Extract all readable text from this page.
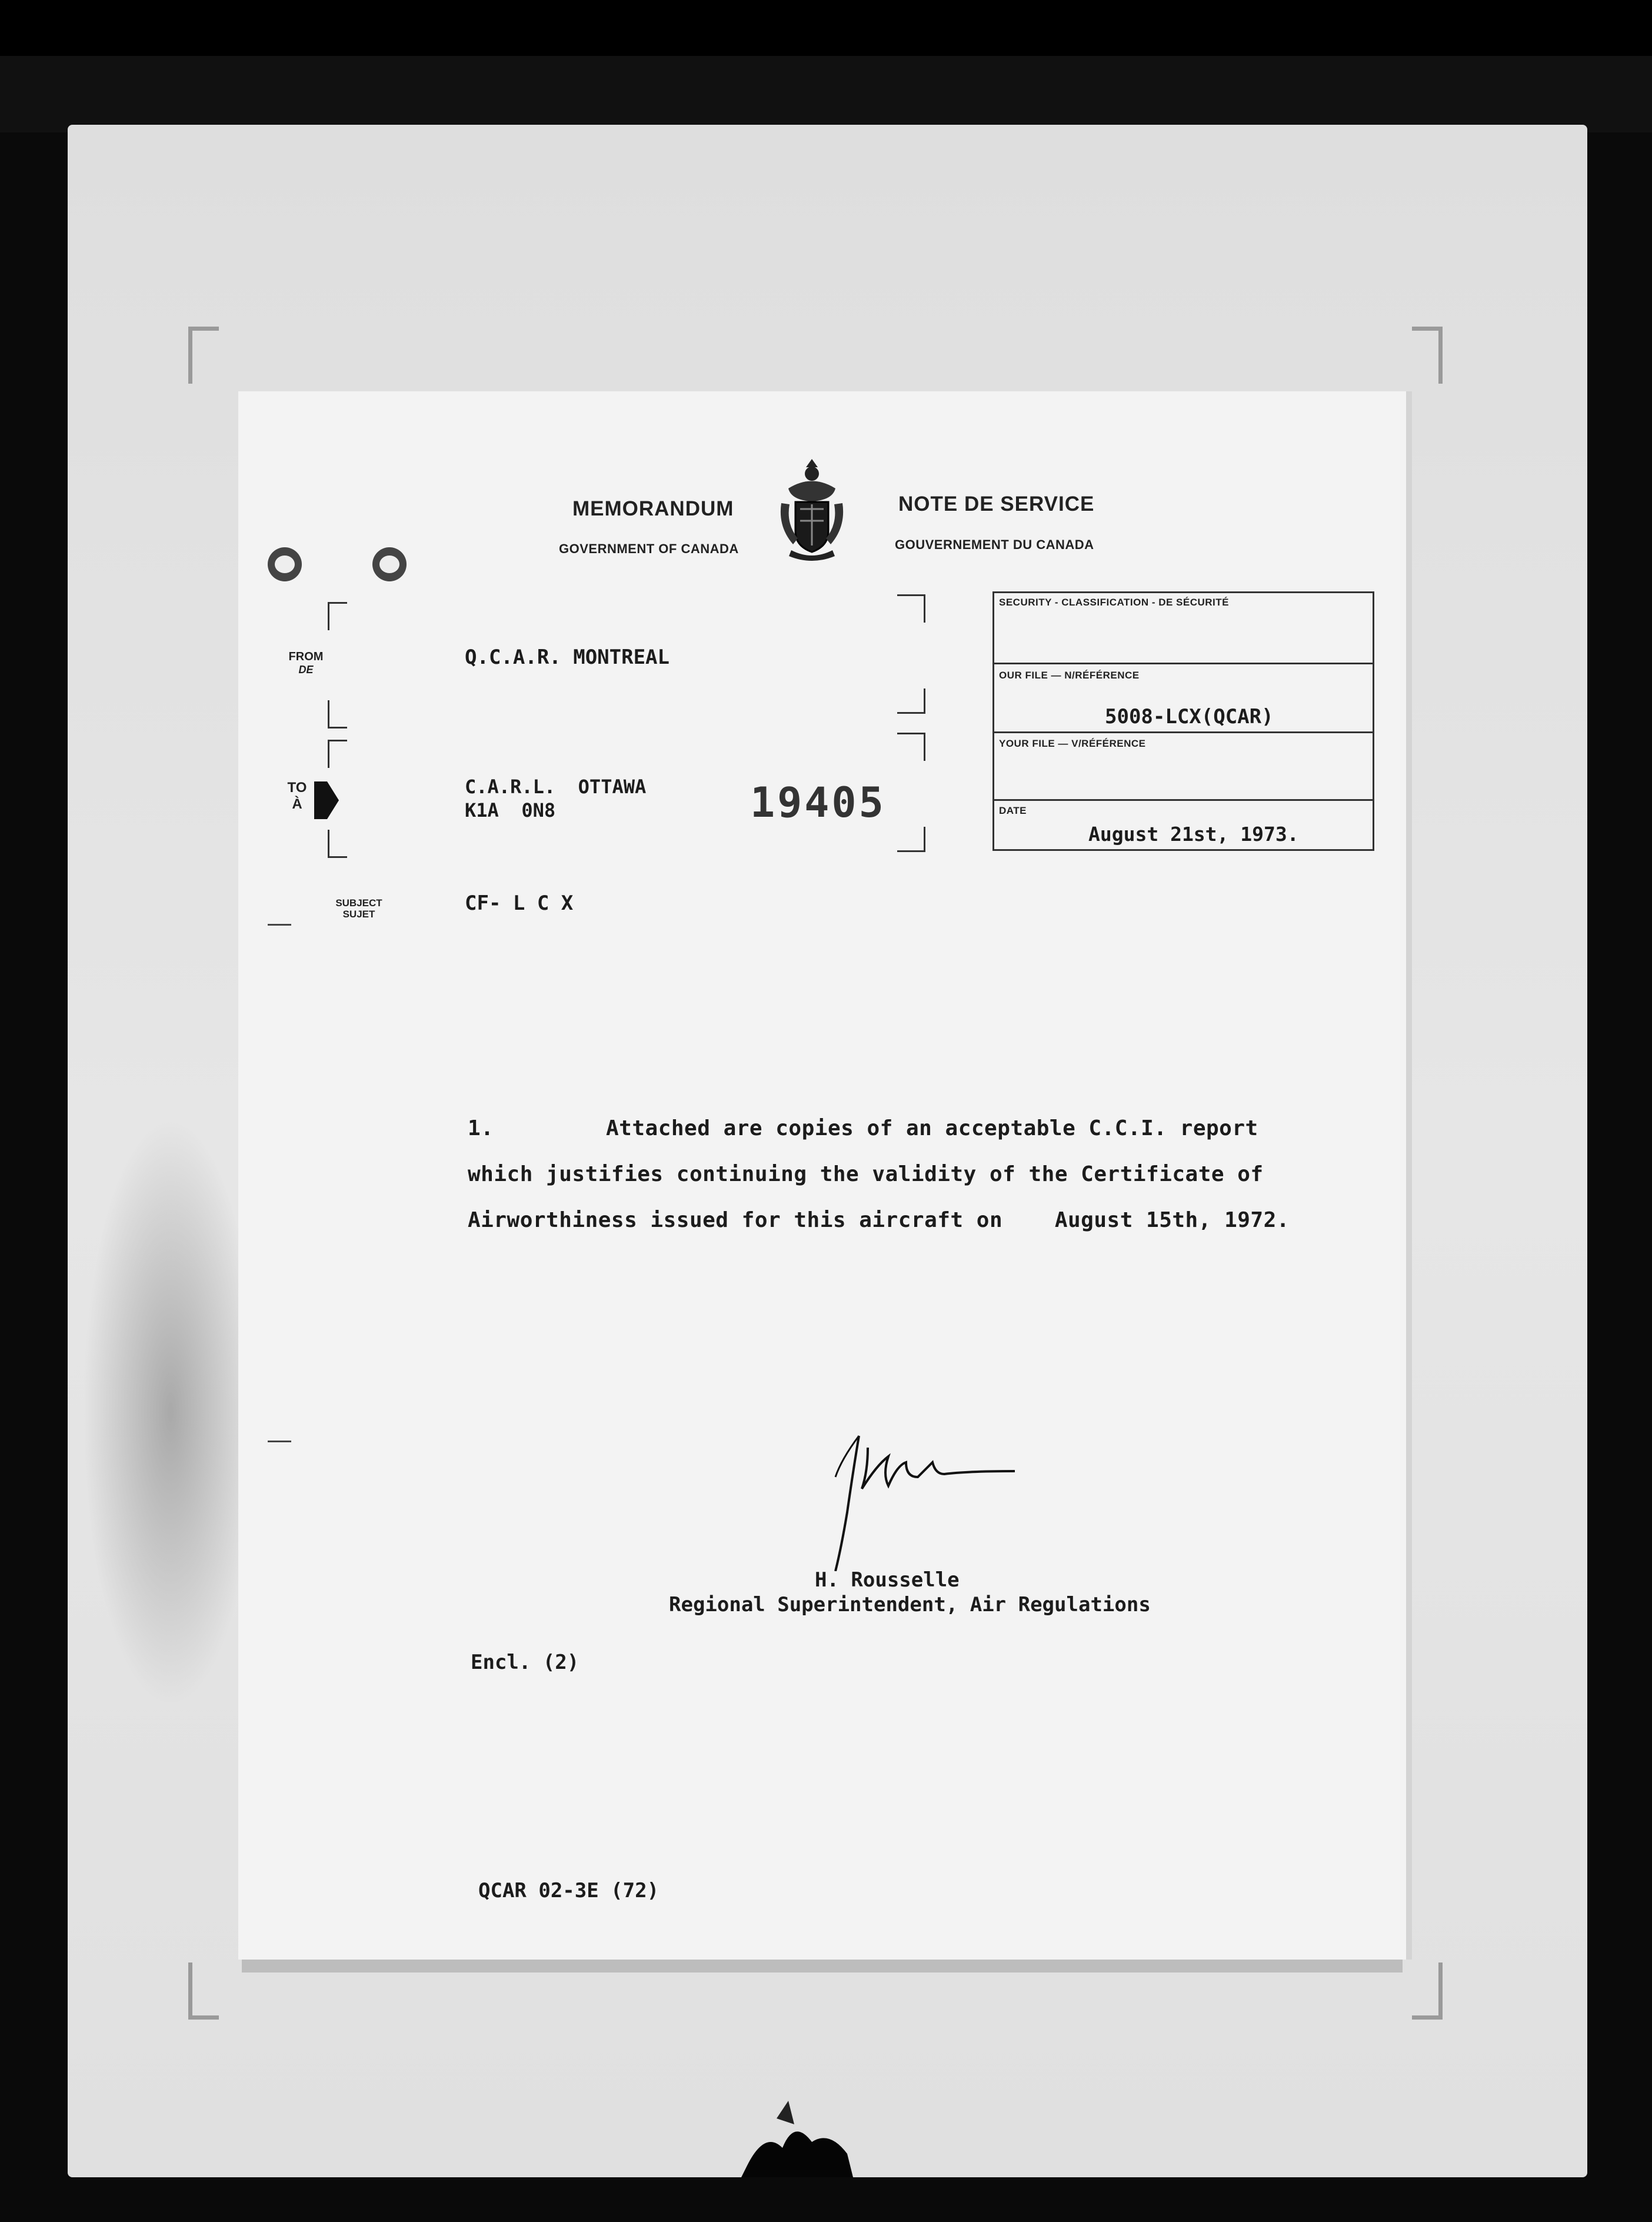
MEMORANDUM
GOVERNMENT OF CANADA
NOTE DE SERVICE
GOUVERNEMENT DU CANADA
FROM
DE
Q.C.A.R. MONTREAL
TO
À
C.A.R.L.  OTTAWA
K1A  0N8	19405
SUBJECT
SUJET	CF- L C X
1.	Attached are copies of an acceptable C.C.I. report
which justifies continuing the validity of the Certificate of
Airworthiness issued for this aircraft on    August 15th, 1972.
H. Rousselle
Regional Superintendent, Air Regulations
Encl. (2)
QCAR 02-3E (72)
SECURITY - CLASSIFICATION - DE SÉCURITÉ
OUR FILE — N/RÉFÉRENCE
5008-LCX(QCAR)
YOUR FILE — V/RÉFÉRENCE
DATE
August 21st, 1973.
